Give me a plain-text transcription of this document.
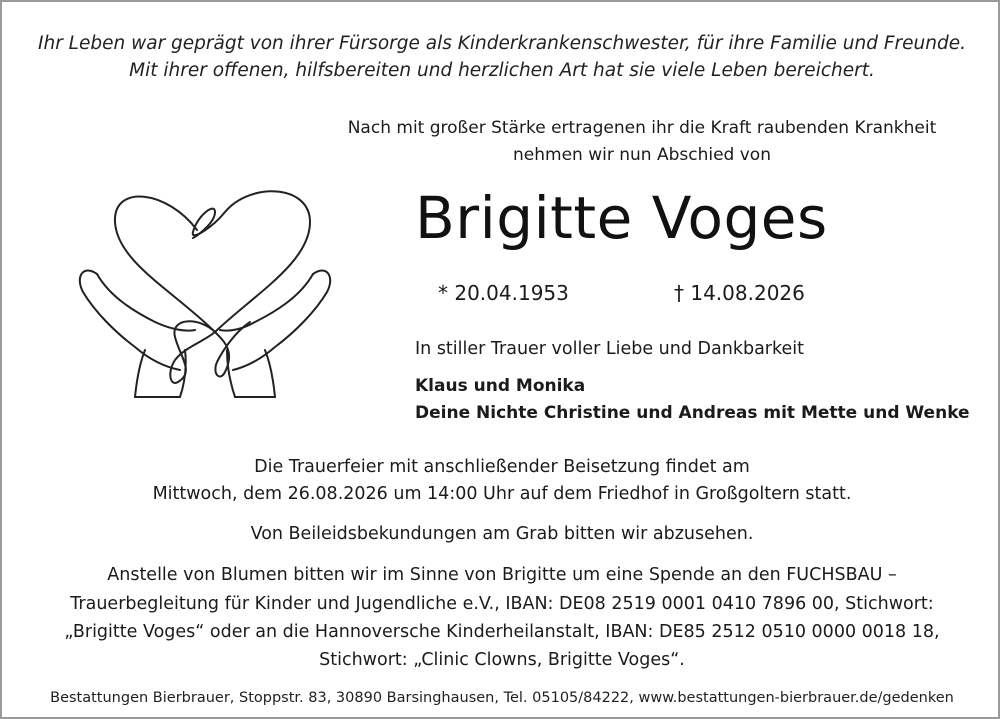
Ihr Leben war geprägt von ihrer Fürsorge als Kinderkrankenschwester, für ihre Familie und Freunde.
Mit ihrer offenen, hilfsbereiten und herzlichen Art hat sie viele Leben bereichert.
Nach mit großer Stärke ertragenen ihr die Kraft raubenden Krankheit
nehmen wir nun Abschied von
Brigitte Voges
* 20.04.1953	† 14.08.2026
In stiller Trauer voller Liebe und Dankbarkeit
Klaus und Monika
Deine Nichte Christine und Andreas mit Mette und Wenke
Die Trauerfeier mit anschließender Beisetzung findet am
Mittwoch, dem 26.08.2026 um 14:00 Uhr auf dem Friedhof in Großgoltern statt.
Von Beileidsbekundungen am Grab bitten wir abzusehen.
Anstelle von Blumen bitten wir im Sinne von Brigitte um eine Spende an den FUCHSBAU –
Trauerbegleitung für Kinder und Jugendliche e.V., IBAN: DE08 2519 0001 0410 7896 00, Stichwort:
„Brigitte Voges“ oder an die Hannoversche Kinderheilanstalt, IBAN: DE85 2512 0510 0000 0018 18,
Stichwort: „Clinic Clowns, Brigitte Voges“.
Bestattungen Bierbrauer, Stoppstr. 83, 30890 Barsinghausen, Tel. 05105/84222, www.bestattungen-bierbrauer.de/gedenken
